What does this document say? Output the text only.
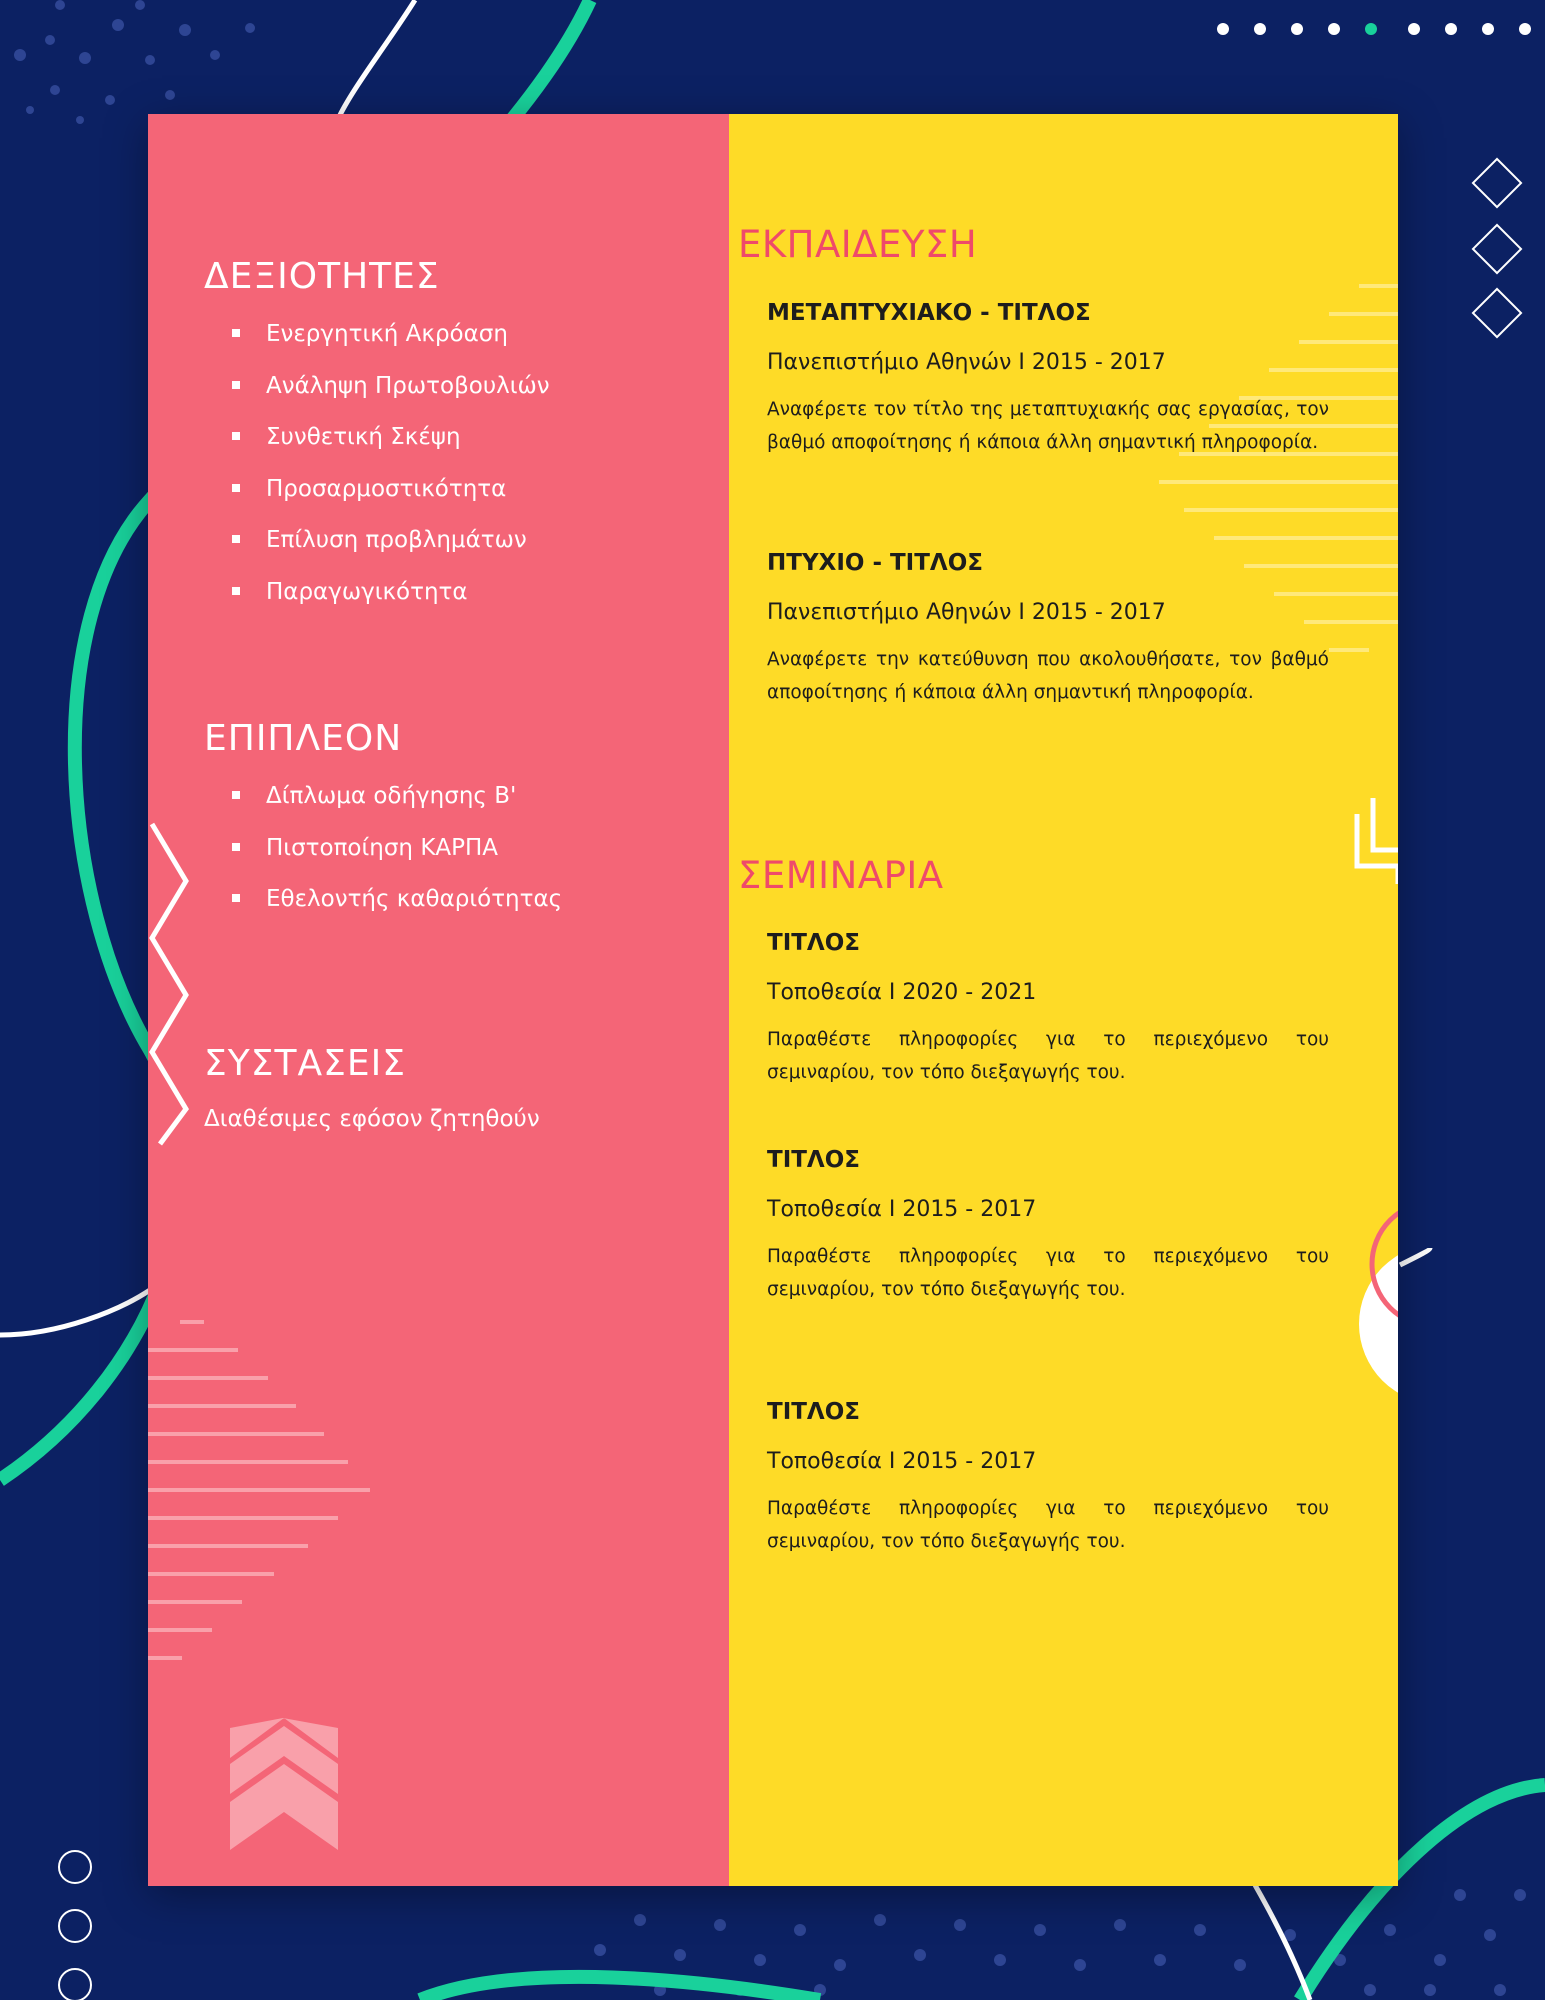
ΔΕΞΙΟΤΗΤΕΣ
Ενεργητική Ακρόαση
Ανάληψη Πρωτοβουλιών
Συνθετική Σκέψη
Προσαρμοστικότητα
Επίλυση προβλημάτων
Παραγωγικότητα
ΕΠΙΠΛΕΟΝ
Δίπλωμα οδήγησης Β'
Πιστοποίηση ΚΑΡΠΑ
Εθελοντής καθαριότητας
ΣΥΣΤΑΣΕΙΣ

Διαθέσιμες εφόσον ζητηθούν

ΕΚΠΑΙΔΕΥΣΗ

ΜΕΤΑΠΤΥΧΙΑΚΟ - ΤΙΤΛΟΣ

Πανεπιστήμιο Αθηνών I 2015 - 2017

Αναφέρετε τον τίτλο της μεταπτυχιακής σας εργασίας, τον βαθμό αποφοίτησης ή κάποια άλλη σημαντική πληροφορία.

ΠΤΥΧΙΟ - ΤΙΤΛΟΣ

Πανεπιστήμιο Αθηνών I 2015 - 2017

Αναφέρετε την κατεύθυνση που ακολουθήσατε, τον βαθμό αποφοίτησης ή κάποια άλλη σημαντική πληροφορία.

ΣΕΜΙΝΑΡΙΑ

ΤΙΤΛΟΣ

Τοποθεσία I 2020 - 2021

Παραθέστε πληροφορίες για το περιεχόμενο του σεμιναρίου, τον τόπο διεξαγωγής του.

ΤΙΤΛΟΣ

Τοποθεσία I 2015 - 2017

Παραθέστε πληροφορίες για το περιεχόμενο του σεμιναρίου, τον τόπο διεξαγωγής του.

ΤΙΤΛΟΣ

Τοποθεσία I 2015 - 2017

Παραθέστε πληροφορίες για το περιεχόμενο του σεμιναρίου, τον τόπο διεξαγωγής του.
